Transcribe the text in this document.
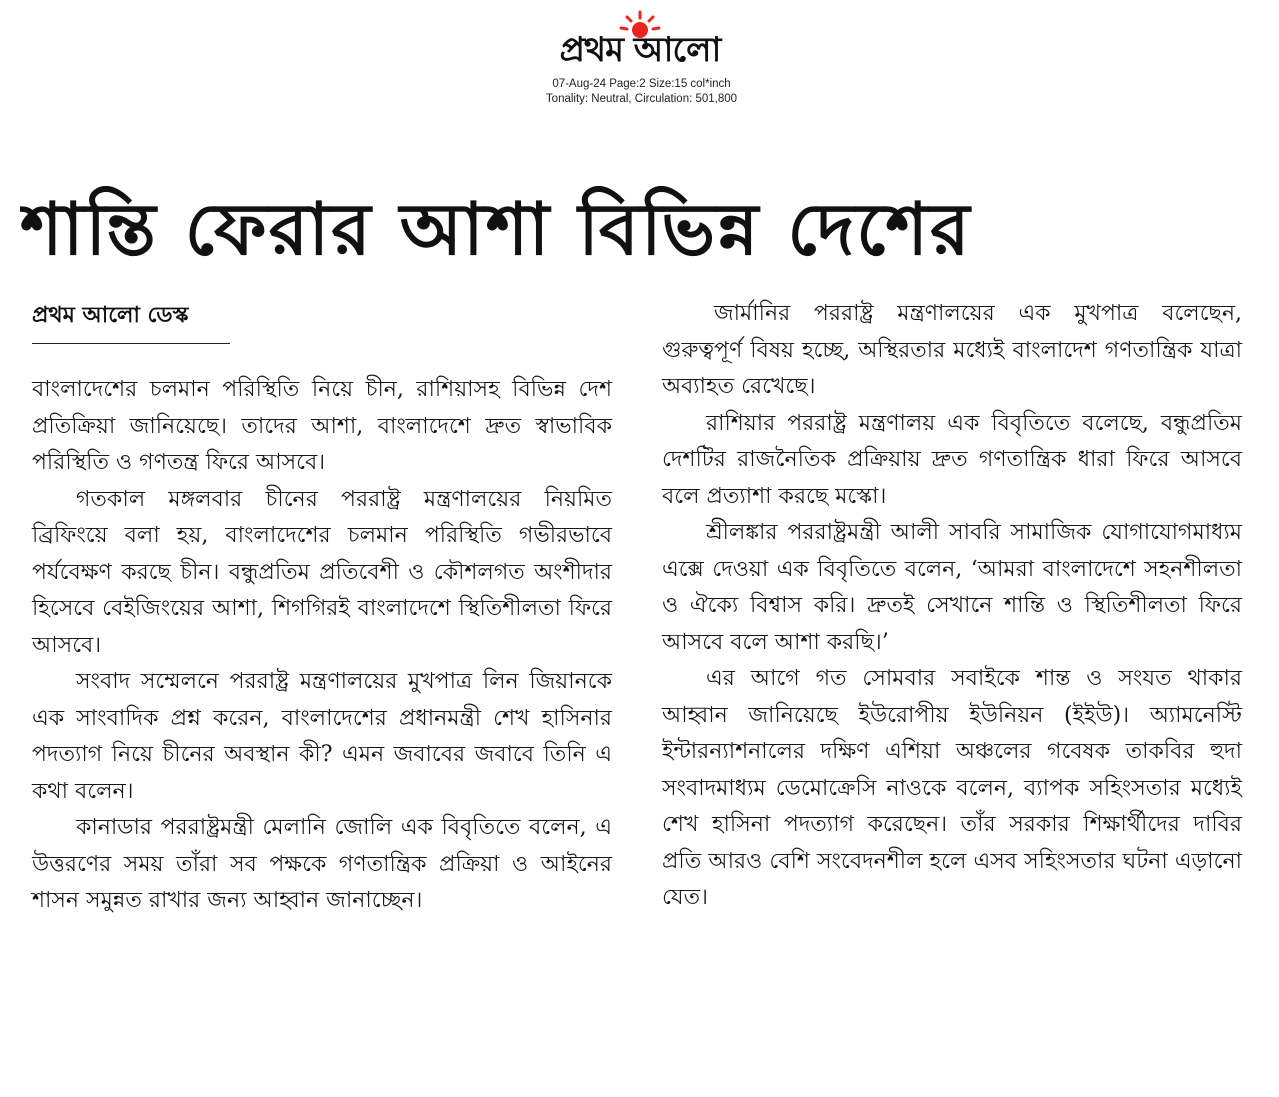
প্রথম আলো
07-Aug-24 Page:2 Size:15 col*inch
Tonality: Neutral, Circulation: 501,800
শান্তি ফেরার আশা বিভিন্ন দেশের
প্রথম আলো ডেস্ক

বাংলাদেশের চলমান পরিস্থিতি নিয়ে চীন, রাশিয়াসহ বিভিন্ন দেশ প্রতিক্রিয়া জানিয়েছে। তাদের আশা, বাংলাদেশে দ্রুত স্বাভাবিক পরিস্থিতি ও গণতন্ত্র ফিরে আসবে।

গতকাল মঙ্গলবার চীনের পররাষ্ট্র মন্ত্রণালয়ের নিয়মিত ব্রিফিংয়ে বলা হয়, বাংলাদেশের চলমান পরিস্থিতি গভীরভাবে পর্যবেক্ষণ করছে চীন। বন্ধুপ্রতিম প্রতিবেশী ও কৌশলগত অংশীদার হিসেবে বেইজিংয়ের আশা, শিগগিরই বাংলাদেশে স্থিতিশীলতা ফিরে আসবে।

সংবাদ সম্মেলনে পররাষ্ট্র মন্ত্রণালয়ের মুখপাত্র লিন জিয়ানকে এক সাংবাদিক প্রশ্ন করেন, বাংলাদেশের প্রধানমন্ত্রী শেখ হাসিনার পদত্যাগ নিয়ে চীনের অবস্থান কী? এমন জবাবের জবাবে তিনি এ কথা বলেন।

কানাডার পররাষ্ট্রমন্ত্রী মেলানি জোলি এক বিবৃতিতে বলেন, এ উত্তরণের সময় তাঁরা সব পক্ষকে গণতান্ত্রিক প্রক্রিয়া ও আইনের শাসন সমুন্নত রাখার জন্য আহ্বান জানাচ্ছেন।

জার্মানির পররাষ্ট্র মন্ত্রণালয়ের এক মুখপাত্র বলেছেন, গুরুত্বপূর্ণ বিষয় হচ্ছে, অস্থিরতার মধ্যেই বাংলাদেশ গণতান্ত্রিক যাত্রা অব্যাহত রেখেছে।

রাশিয়ার পররাষ্ট্র মন্ত্রণালয় এক বিবৃতিতে বলেছে, বন্ধুপ্রতিম দেশটির রাজনৈতিক প্রক্রিয়ায় দ্রুত গণতান্ত্রিক ধারা ফিরে আসবে বলে প্রত্যাশা করছে মস্কো।

শ্রীলঙ্কার পররাষ্ট্রমন্ত্রী আলী সাবরি সামাজিক যোগাযোগমাধ্যম এক্সে দেওয়া এক বিবৃতিতে বলেন, ‘আমরা বাংলাদেশে সহনশীলতা ও ঐক্যে বিশ্বাস করি। দ্রুতই সেখানে শান্তি ও স্থিতিশীলতা ফিরে আসবে বলে আশা করছি।’

এর আগে গত সোমবার সবাইকে শান্ত ও সংযত থাকার আহ্বান জানিয়েছে ইউরোপীয় ইউনিয়ন (ইইউ)। অ্যামনেস্টি ইন্টারন্যাশনালের দক্ষিণ এশিয়া অঞ্চলের গবেষক তাকবির হুদা সংবাদমাধ্যম ডেমোক্রেসি নাওকে বলেন, ব্যাপক সহিংসতার মধ্যেই শেখ হাসিনা পদত্যাগ করেছেন। তাঁর সরকার শিক্ষার্থীদের দাবির প্রতি আরও বেশি সংবেদনশীল হলে এসব সহিংসতার ঘটনা এড়ানো যেত।
